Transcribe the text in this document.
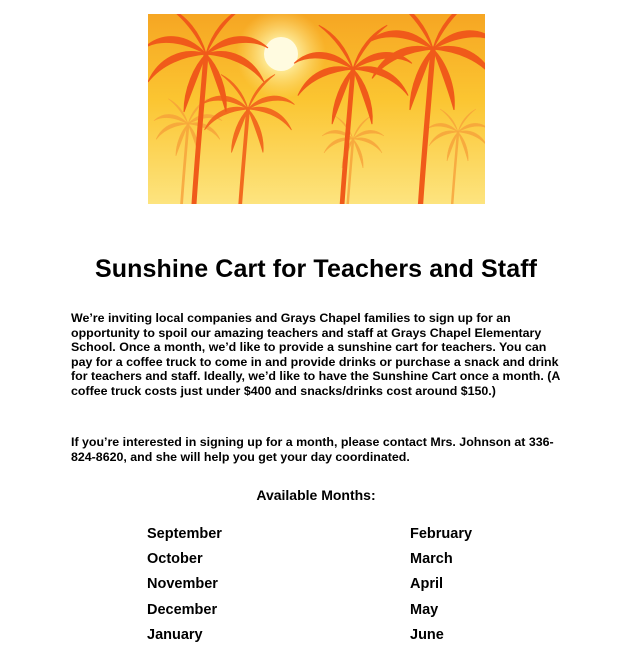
Sunshine Cart for Teachers and Staff

We’re inviting local companies and Grays Chapel families to sign up for an opportunity to spoil our amazing teachers and staff at Grays Chapel Elementary School. Once a month, we’d like to provide a sunshine cart for teachers. You can pay for a coffee truck to come in and provide drinks or purchase a snack and drink for teachers and staff. Ideally, we’d like to have the Sunshine Cart once a month. (A coffee truck costs just under $400 and snacks/drinks cost around $150.)

If you’re interested in signing up for a month, please contact Mrs. Johnson at 336-824-8620, and she will help you get your day coordinated.

Available Months:
September
October
November
December
January
February
March
April
May
June
